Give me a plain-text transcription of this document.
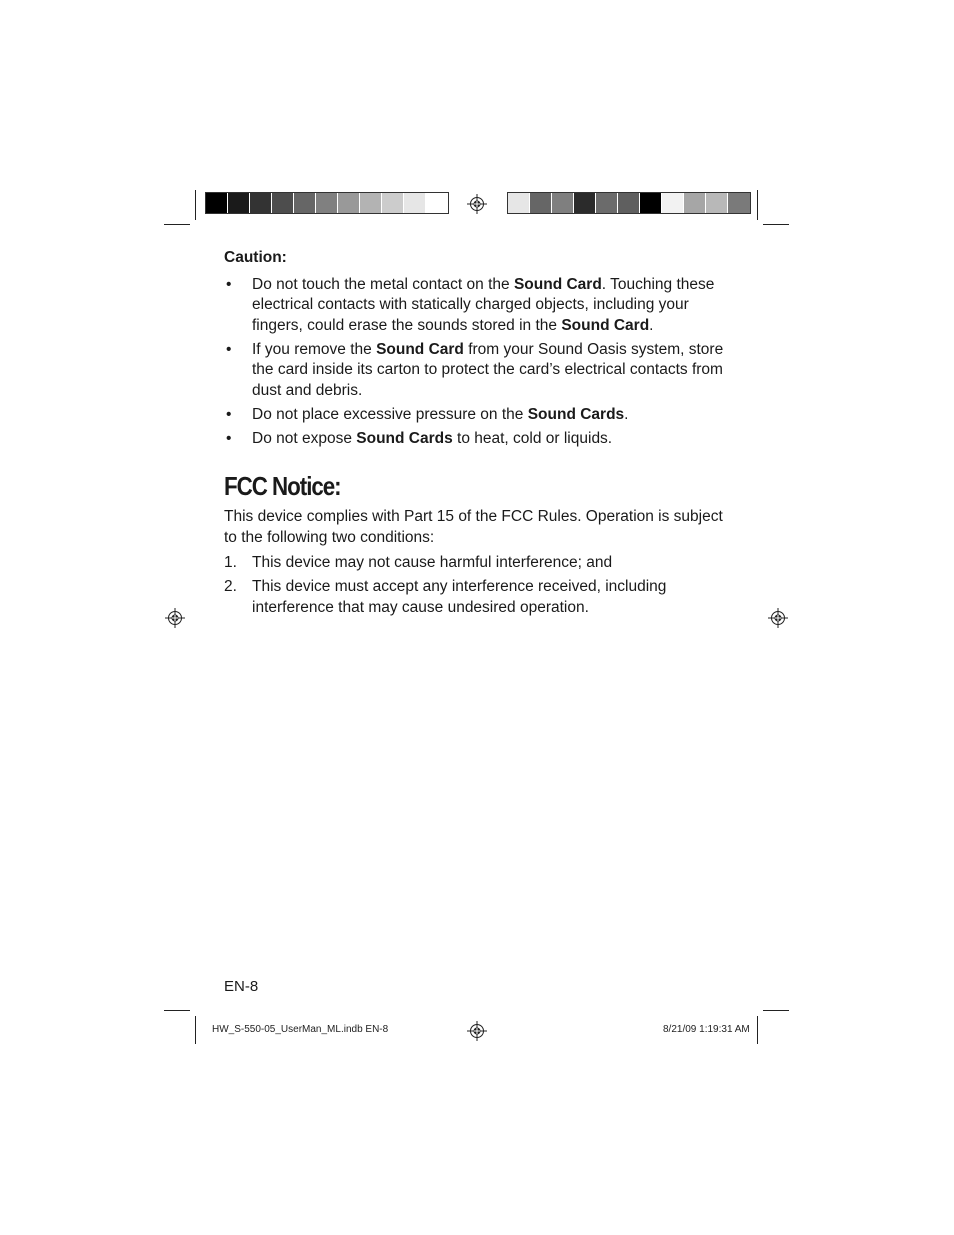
Caution:
• Do not touch the metal contact on the Sound Card. Touching these electrical contacts with statically charged objects, including your fingers, could erase the sounds stored in the Sound Card.
• If you remove the Sound Card from your Sound Oasis system, store the card inside its carton to protect the card’s electrical contacts from dust and debris.
• Do not place excessive pressure on the Sound Cards.
• Do not expose Sound Cards to heat, cold or liquids.
FCC Notice:

This device complies with Part 15 of the FCC Rules. Operation is subject to the following two conditions:

1. This device may not cause harmful interference; and
2. This device must accept any interference received, including interference that may cause undesired operation.
EN-8
HW_S-550-05_UserMan_ML.indb EN-8	8/21/09 1:19:31 AM
